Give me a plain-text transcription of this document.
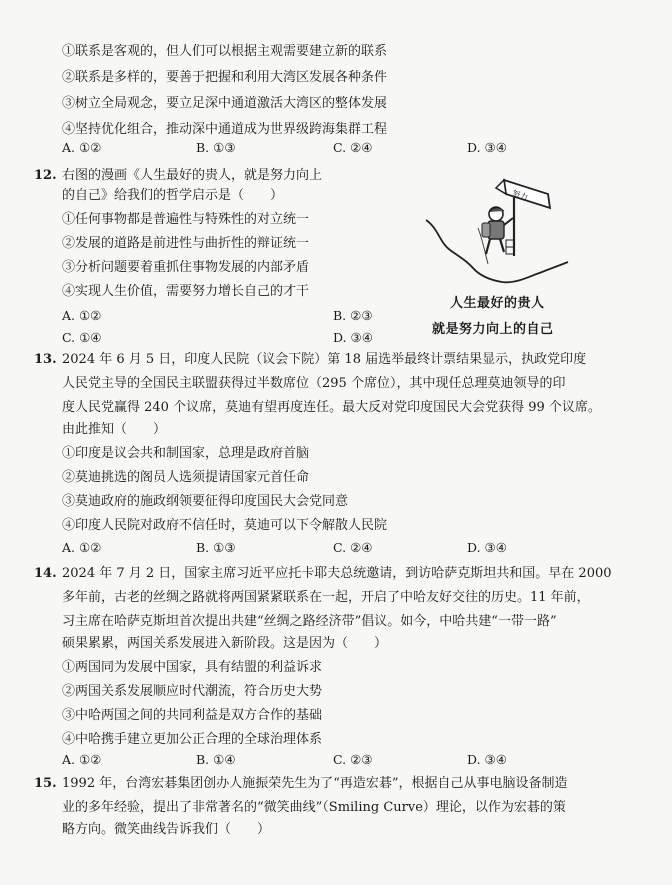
①联系是客观的，但人们可以根据主观需要建立新的联系
②联系是多样的，要善于把握和利用大湾区发展各种条件
③树立全局观念，要立足深中通道激活大湾区的整体发展
④坚持优化组合，推动深中通道成为世界级跨海集群工程
A. ①②	B. ①③	C. ②④	D. ③④
12. 右图的漫画《人生最好的贵人，就是努力向上
的自己》给我们的哲学启示是（　　）
①任何事物都是普遍性与特殊性的对立统一
②发展的道路是前进性与曲折性的辩证统一
③分析问题要着重抓住事物发展的内部矛盾
④实现人生价值，需要努力增长自己的才干
A. ①②	B. ②③
C. ①④	D. ③④
努力
人生最好的贵人
就是努力向上的自己
13. 2024 年 6 月 5 日，印度人民院（议会下院）第 18 届选举最终计票结果显示，执政党印度
人民党主导的全国民主联盟获得过半数席位（295 个席位），其中现任总理莫迪领导的印
度人民党赢得 240 个议席，莫迪有望再度连任。最大反对党印度国民大会党获得 99 个议席。
由此推知（　　）
①印度是议会共和制国家，总理是政府首脑
②莫迪挑选的阁员人选须提请国家元首任命
③莫迪政府的施政纲领要征得印度国民大会党同意
④印度人民院对政府不信任时，莫迪可以下令解散人民院
A. ①②	B. ①③	C. ②④	D. ③④
14. 2024 年 7 月 2 日，国家主席习近平应托卡耶夫总统邀请，到访哈萨克斯坦共和国。早在 2000
多年前，古老的丝绸之路就将两国紧紧联系在一起，开启了中哈友好交往的历史。11 年前，
习主席在哈萨克斯坦首次提出共建“丝绸之路经济带”倡议。如今，中哈共建“一带一路”
硕果累累，两国关系发展进入新阶段。这是因为（　　）
①两国同为发展中国家，具有结盟的利益诉求
②两国关系发展顺应时代潮流，符合历史大势
③中哈两国之间的共同利益是双方合作的基础
④中哈携手建立更加公正合理的全球治理体系
A. ①②	B. ①④	C. ②③	D. ③④
15. 1992 年，台湾宏碁集团创办人施振荣先生为了“再造宏碁”，根据自己从事电脑设备制造
业的多年经验，提出了非常著名的“微笑曲线”（Smiling Curve）理论，以作为宏碁的策
略方向。微笑曲线告诉我们（　　）
